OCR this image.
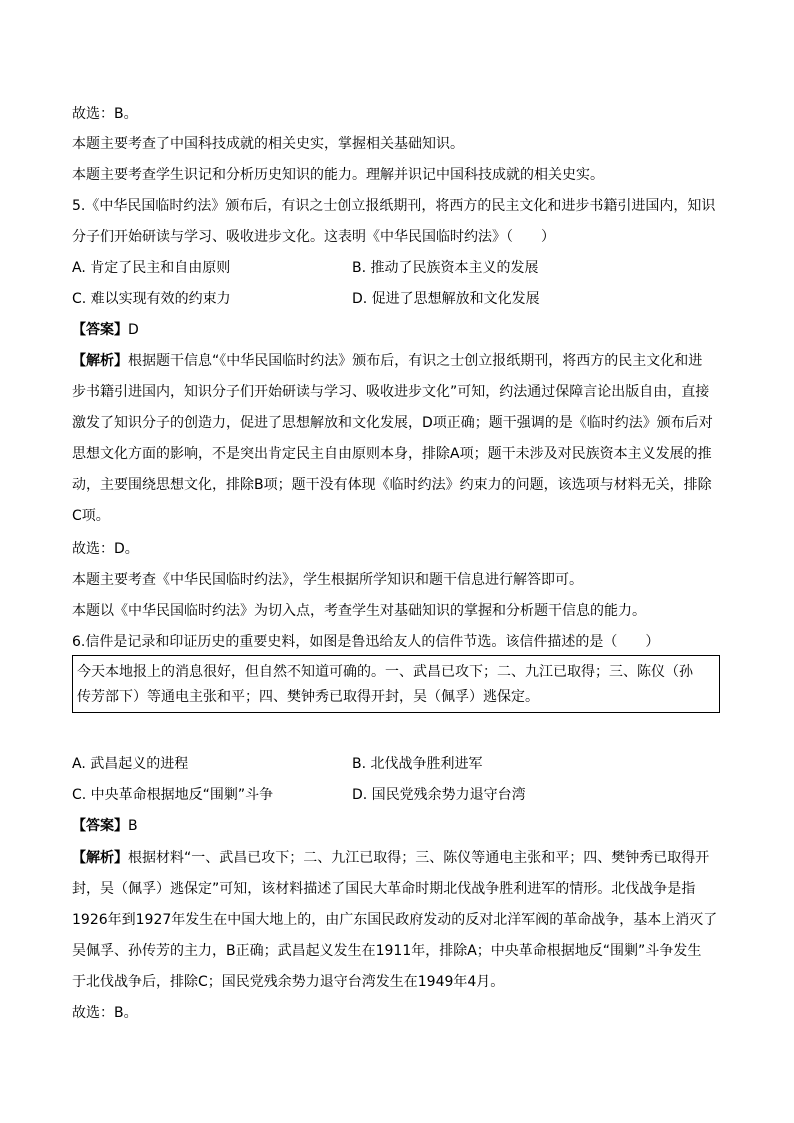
故选：B。
本题主要考查了中国科技成就的相关史实，掌握相关基础知识。
本题主要考查学生识记和分析历史知识的能力。理解并识记中国科技成就的相关史实。
5.《中华民国临时约法》颁布后，有识之士创立报纸期刊，将西方的民主文化和进步书籍引进国内，知识
分子们开始研读与学习、吸收进步文化。这表明《中华民国临时约法》（　　）
A. 肯定了民主和自由原则	B. 推动了民族资本主义的发展
C. 难以实现有效的约束力	D. 促进了思想解放和文化发展
【答案】D
【解析】根据题干信息“《中华民国临时约法》颁布后，有识之士创立报纸期刊，将西方的民主文化和进
步书籍引进国内，知识分子们开始研读与学习、吸收进步文化”可知，约法通过保障言论出版自由，直接
激发了知识分子的创造力，促进了思想解放和文化发展，D项正确；题干强调的是《临时约法》颁布后对
思想文化方面的影响，不是突出肯定民主自由原则本身，排除A项；题干未涉及对民族资本主义发展的推
动，主要围绕思想文化，排除B项；题干没有体现《临时约法》约束力的问题，该选项与材料无关，排除
C项。
故选：D。
本题主要考查《中华民国临时约法》，学生根据所学知识和题干信息进行解答即可。
本题以《中华民国临时约法》为切入点，考查学生对基础知识的掌握和分析题干信息的能力。
6.信件是记录和印证历史的重要史料，如图是鲁迅给友人的信件节选。该信件描述的是（　　）
今天本地报上的消息很好，但自然不知道可确的。一、武昌已攻下；二、九江已取得；三、陈仪（孙
传芳部下）等通电主张和平；四、樊钟秀已取得开封，吴（佩孚）逃保定。
A. 武昌起义的进程	B. 北伐战争胜利进军
C. 中央革命根据地反“围剿”斗争	D. 国民党残余势力退守台湾
【答案】B
【解析】根据材料“一、武昌已攻下；二、九江已取得；三、陈仪等通电主张和平；四、樊钟秀已取得开
封，吴（佩孚）逃保定”可知，该材料描述了国民大革命时期北伐战争胜利进军的情形。北伐战争是指
1926年到1927年发生在中国大地上的，由广东国民政府发动的反对北洋军阀的革命战争，基本上消灭了
吴佩孚、孙传芳的主力，B正确；武昌起义发生在1911年，排除A；中央革命根据地反“围剿”斗争发生
于北伐战争后，排除C；国民党残余势力退守台湾发生在1949年4月。
故选：B。
